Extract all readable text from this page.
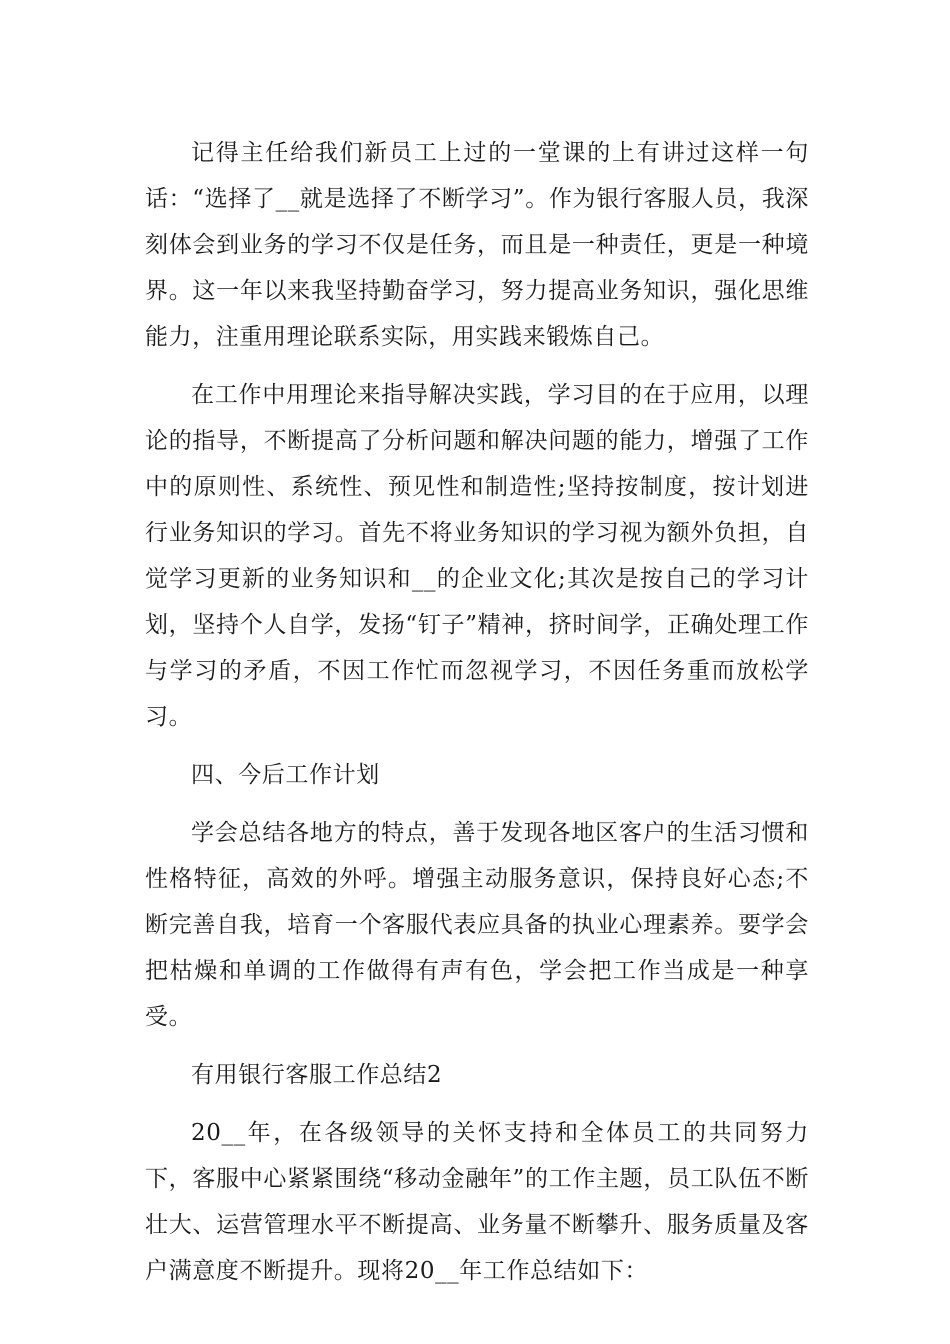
记得主任给我们新员工上过的一堂课的上有讲过这样一句话：“选择了__就是选择了不断学习”。作为银行客服人员，我深刻体会到业务的学习不仅是任务，而且是一种责任，更是一种境界。这一年以来我坚持勤奋学习，努力提高业务知识，强化思维能力，注重用理论联系实际，用实践来锻炼自己。

在工作中用理论来指导解决实践，学习目的在于应用，以理论的指导，不断提高了分析问题和解决问题的能力，增强了工作中的原则性、系统性、预见性和制造性;坚持按制度，按计划进行业务知识的学习。首先不将业务知识的学习视为额外负担，自觉学习更新的业务知识和__的企业文化;其次是按自己的学习计划，坚持个人自学，发扬“钉子”精神，挤时间学，正确处理工作与学习的矛盾，不因工作忙而忽视学习，不因任务重而放松学习。

四、今后工作计划

学会总结各地方的特点，善于发现各地区客户的生活习惯和性格特征，高效的外呼。增强主动服务意识，保持良好心态;不断完善自我，培育一个客服代表应具备的执业心理素养。要学会把枯燥和单调的工作做得有声有色，学会把工作当成是一种享受。

有用银行客服工作总结2

20__年，在各级领导的关怀支持和全体员工的共同努力下，客服中心紧紧围绕“移动金融年”的工作主题，员工队伍不断壮大、运营管理水平不断提高、业务量不断攀升、服务质量及客户满意度不断提升。现将20__年工作总结如下：
